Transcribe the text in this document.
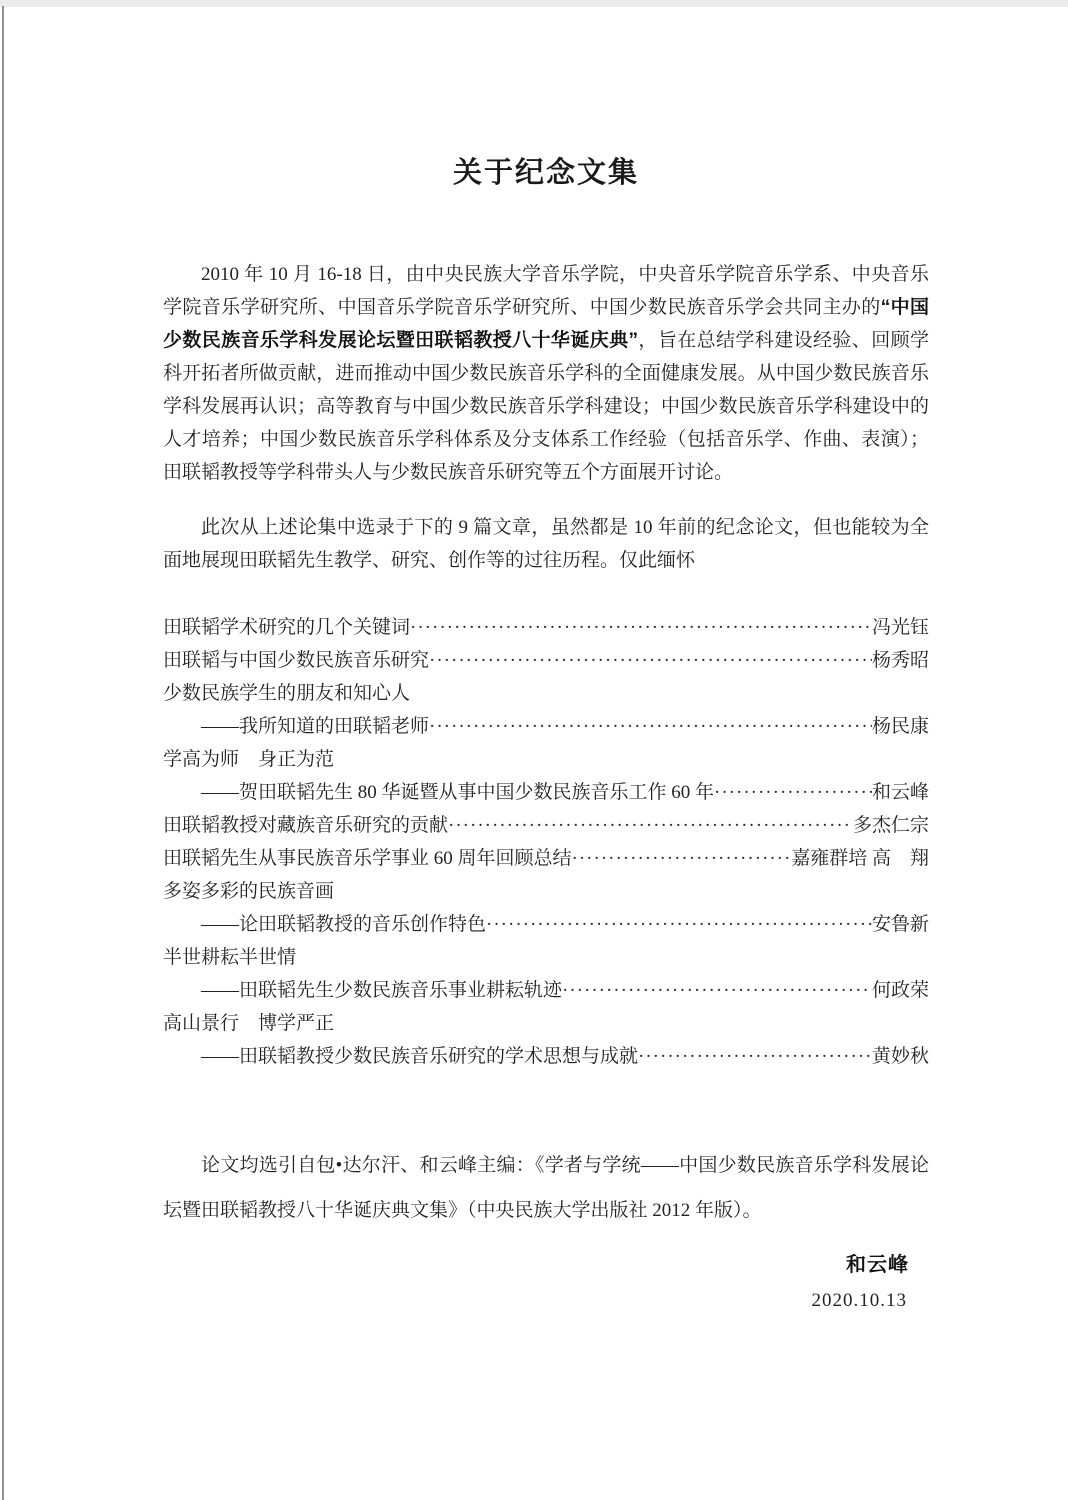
关于纪念文集

2010 年 10 月 16-18 日，由中央民族大学音乐学院，中央音乐学院音乐学系、中央音乐学院音乐学研究所、中国音乐学院音乐学研究所、中国少数民族音乐学会共同主办的“中国少数民族音乐学科发展论坛暨田联韬教授八十华诞庆典”，旨在总结学科建设经验、回顾学科开拓者所做贡献，进而推动中国少数民族音乐学科的全面健康发展。从中国少数民族音乐学科发展再认识；高等教育与中国少数民族音乐学科建设；中国少数民族音乐学科建设中的人才培养；中国少数民族音乐学科体系及分支体系工作经验（包括音乐学、作曲、表演）；田联韬教授等学科带头人与少数民族音乐研究等五个方面展开讨论。

此次从上述论集中选录于下的 9 篇文章，虽然都是 10 年前的纪念论文，但也能较为全面地展现田联韬先生教学、研究、创作等的过往历程。仅此缅怀

田联韬学术研究的几个关键词 ·····	冯光钰
田联韬与中国少数民族音乐研究 ·····	杨秀昭
少数民族学生的朋友和知心人
——我所知道的田联韬老师 ·····	杨民康
学高为师　身正为范
——贺田联韬先生 80 华诞暨从事中国少数民族音乐工作 60 年 ·····	和云峰
田联韬教授对藏族音乐研究的贡献 ·····	多杰仁宗
田联韬先生从事民族音乐学事业 60 周年回顾总结 ·····	嘉雍群培 高　翔
多姿多彩的民族音画
——论田联韬教授的音乐创作特色 ·····	安鲁新
半世耕耘半世情
——田联韬先生少数民族音乐事业耕耘轨迹 ·····	何政荣
高山景行　博学严正
——田联韬教授少数民族音乐研究的学术思想与成就 ·····	黄妙秋

论文均选引自包•达尔汗、和云峰主编：《学者与学统——中国少数民族音乐学科发展论坛暨田联韬教授八十华诞庆典文集》（中央民族大学出版社 2012 年版）。

和云峰
2020.10.13
